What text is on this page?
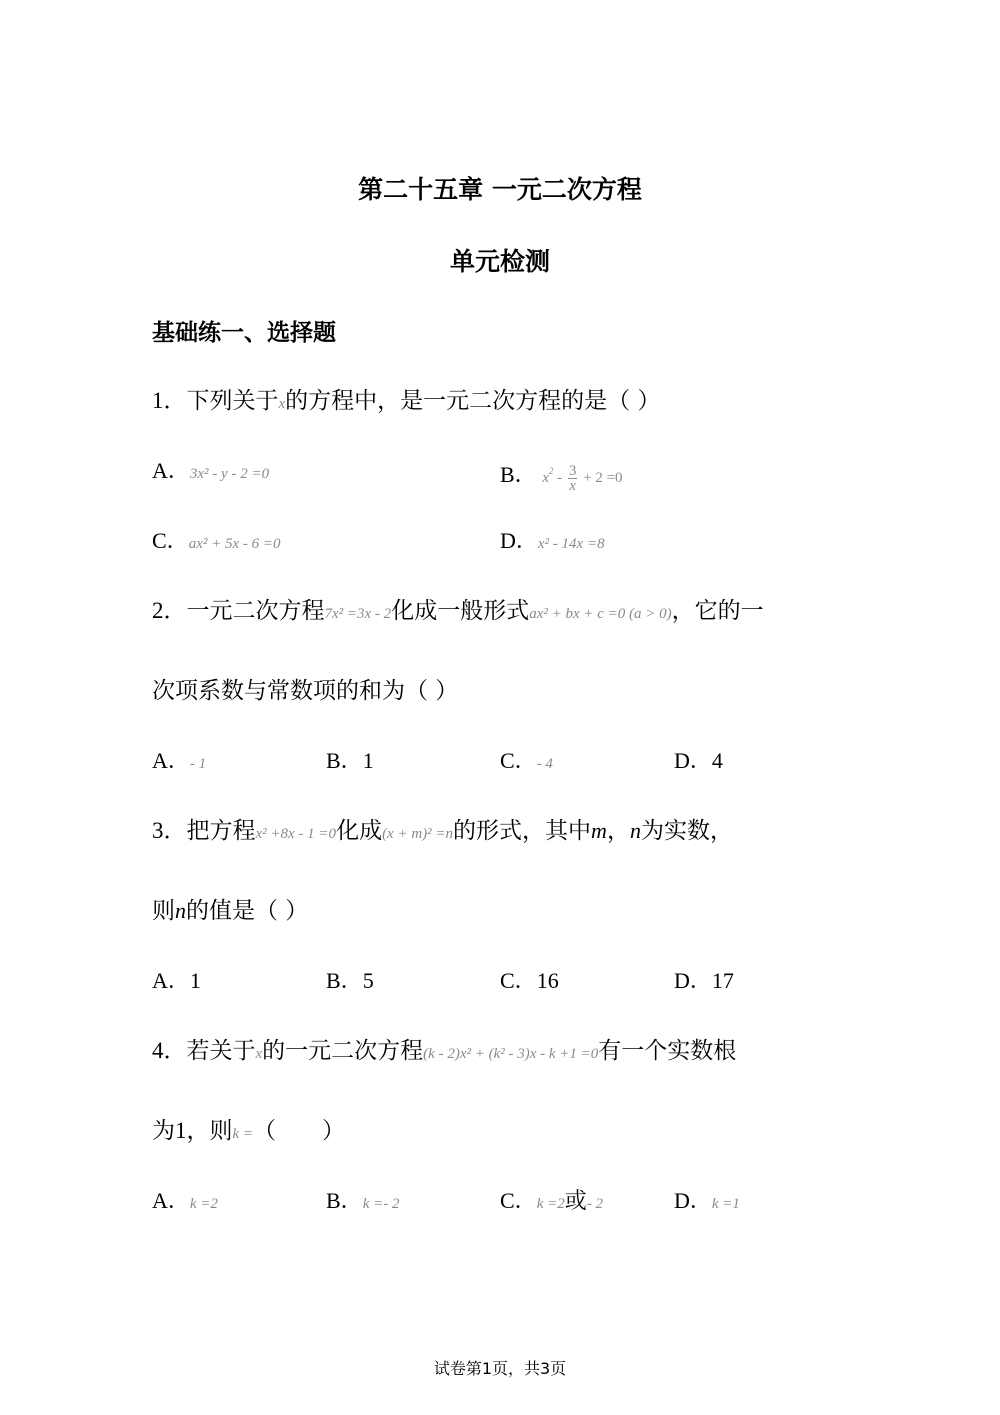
第二十五章 一元二次方程
单元检测
基础练一、选择题
1．下列关于x的方程中，是一元二次方程的是（ ）
A．3x² - y - 2 =0	B． $x^2 - \frac{3}{x} + 2 =0$
C．ax² + 5x - 6 =0	D．x² - 14x =8
2．一元二次方程7x² =3x - 2化成一般形式ax² + bx + c =0 (a > 0)，它的一
次项系数与常数项的和为（ ）
A．- 1	B．1	C．- 4	D．4
3．把方程x² +8x - 1 =0化成(x + m)² =n的形式，其中m，n为实数，
则n的值是（ ）
A．1	B．5	C．16	D．17
4．若关于x的一元二次方程(k - 2)x² + (k² - 3)x - k +1 =0有一个实数根
为1，则k =（　　）
A．k =2	B．k =- 2	C．k =2或- 2	D．k =1
试卷第1页，共3页
